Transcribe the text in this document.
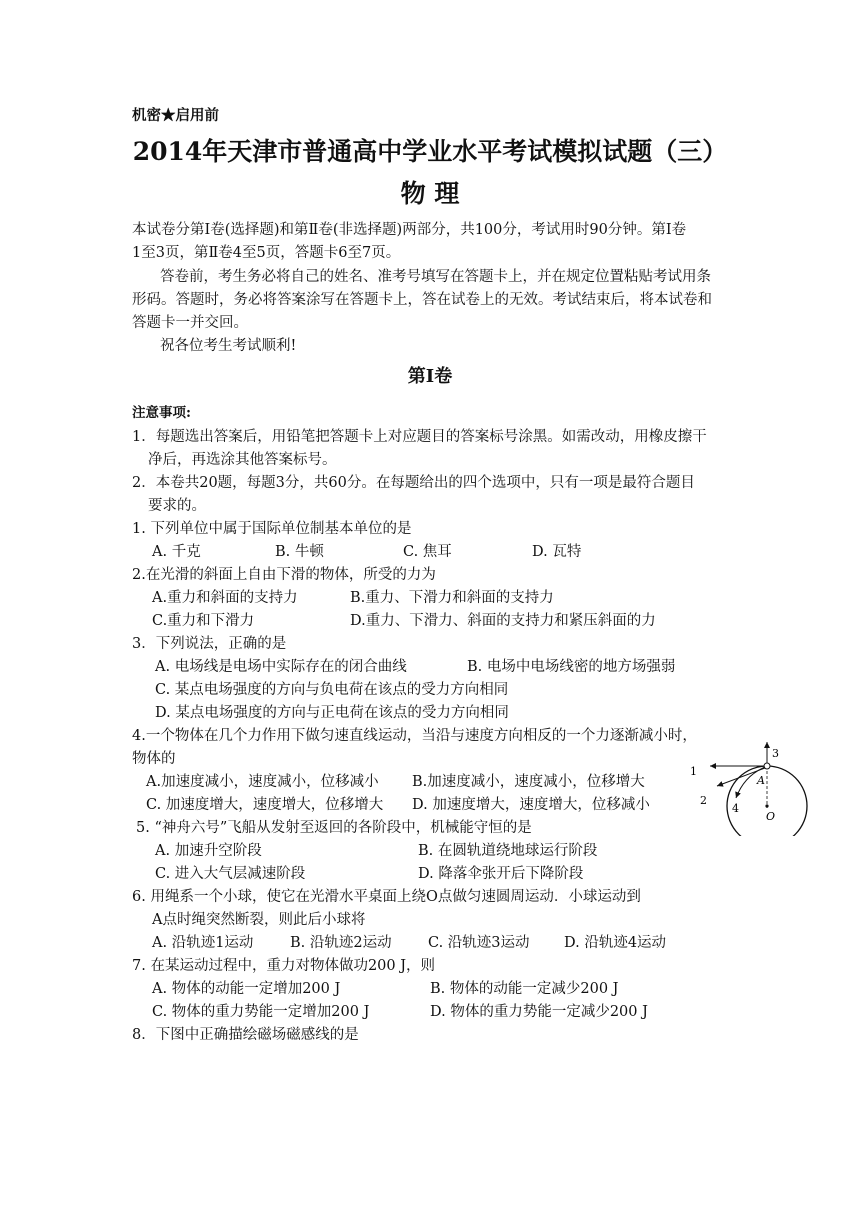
机密★启用前
2014年天津市普通高中学业水平考试模拟试题（三）
物 理
本试卷分第Ⅰ卷(选择题)和第Ⅱ卷(非选择题)两部分，共100分，考试用时90分钟。第Ⅰ卷
1至3页，第Ⅱ卷4至5页，答题卡6至7页。
答卷前，考生务必将自己的姓名、准考号填写在答题卡上，并在规定位置粘贴考试用条
形码。答题时，务必将答案涂写在答题卡上，答在试卷上的无效。考试结束后，将本试卷和
答题卡一并交回。
祝各位考生考试顺利!
第Ⅰ卷
注意事项:
1．每题选出答案后，用铅笔把答题卡上对应题目的答案标号涂黑。如需改动，用橡皮擦干
净后，再选涂其他答案标号。
2．本卷共20题，每题3分，共60分。在每题给出的四个选项中，只有一项是最符合题目
要求的。
1. 下列单位中属于国际单位制基本单位的是
A. 千克	B. 牛顿	C. 焦耳	D. 瓦特
2.在光滑的斜面上自由下滑的物体，所受的力为
A.重力和斜面的支持力	B.重力、下滑力和斜面的支持力
C.重力和下滑力	D.重力、下滑力、斜面的支持力和紧压斜面的力
3．下列说法，正确的是
A. 电场线是电场中实际存在的闭合曲线	B. 电场中电场线密的地方场强弱
C. 某点电场强度的方向与负电荷在该点的受力方向相同
D. 某点电场强度的方向与正电荷在该点的受力方向相同
4.一个物体在几个力作用下做匀速直线运动，当沿与速度方向相反的一个力逐渐减小时，
物体的
A.加速度减小，速度减小，位移减小 B.加速度减小，速度减小，位移增大
C. 加速度增大，速度增大，位移增大 D. 加速度增大，速度增大，位移减小
5. “神舟六号”飞船从发射至返回的各阶段中，机械能守恒的是
A. 加速升空阶段	B. 在圆轨道绕地球运行阶段
C. 进入大气层减速阶段	D. 降落伞张开后下降阶段
6. 用绳系一个小球，使它在光滑水平桌面上绕O点做匀速圆周运动．小球运动到
A点时绳突然断裂，则此后小球将
A. 沿轨迹1运动	B. 沿轨迹2运动	C. 沿轨迹3运动 D. 沿轨迹4运动
7. 在某运动过程中，重力对物体做功200 J，则
A. 物体的动能一定增加200 J	B. 物体的动能一定减少200 J
C. 物体的重力势能一定增加200 J	D. 物体的重力势能一定减少200 J
8．下图中正确描绘磁场磁感线的是
1
2
3
4
A
O
